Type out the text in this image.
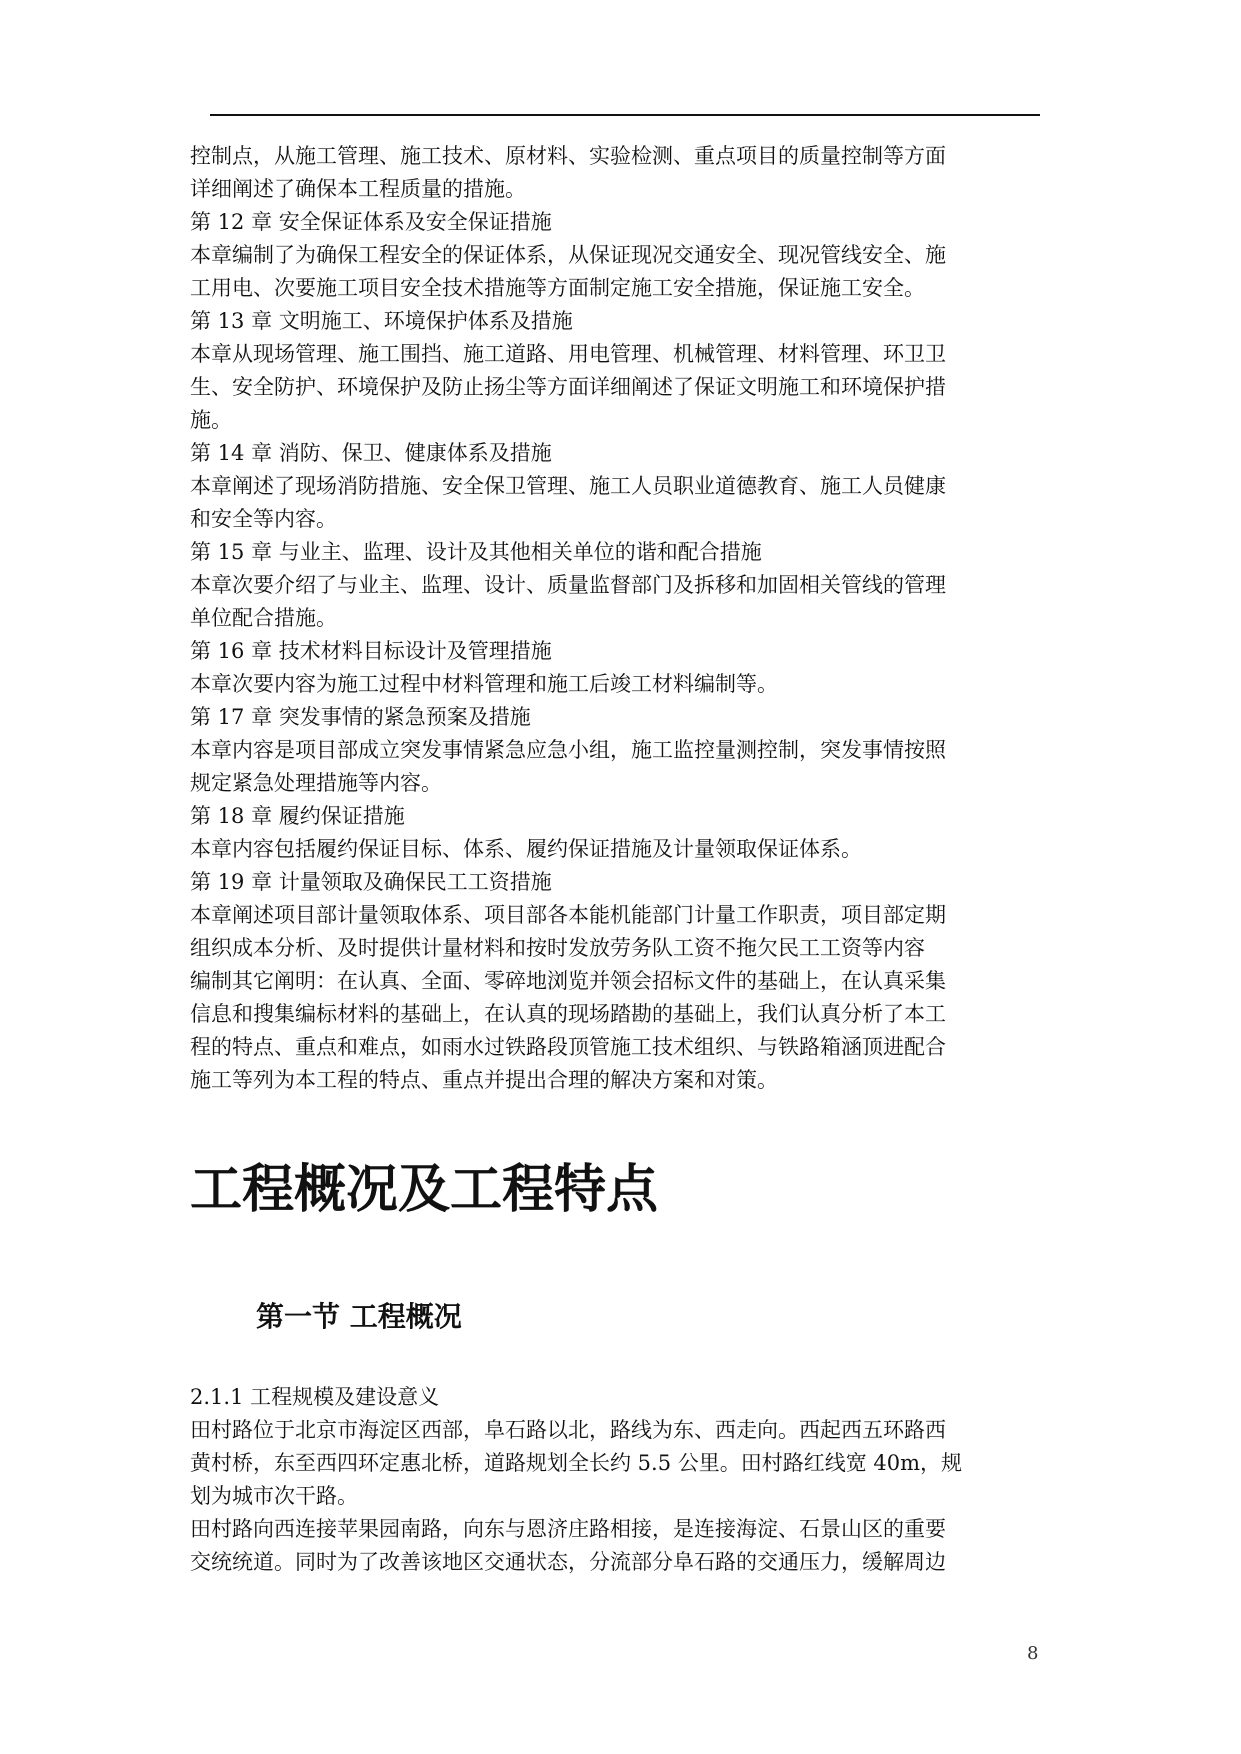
控制点，从施工管理、施工技术、原材料、实验检测、重点项目的质量控制等方面
详细阐述了确保本工程质量的措施。
第 12 章 安全保证体系及安全保证措施
本章编制了为确保工程安全的保证体系，从保证现况交通安全、现况管线安全、施
工用电、次要施工项目安全技术措施等方面制定施工安全措施，保证施工安全。
第 13 章 文明施工、环境保护体系及措施
本章从现场管理、施工围挡、施工道路、用电管理、机械管理、材料管理、环卫卫
生、安全防护、环境保护及防止扬尘等方面详细阐述了保证文明施工和环境保护措
施。
第 14 章 消防、保卫、健康体系及措施
本章阐述了现场消防措施、安全保卫管理、施工人员职业道德教育、施工人员健康
和安全等内容。
第 15 章 与业主、监理、设计及其他相关单位的谐和配合措施
本章次要介绍了与业主、监理、设计、质量监督部门及拆移和加固相关管线的管理
单位配合措施。
第 16 章 技术材料目标设计及管理措施
本章次要内容为施工过程中材料管理和施工后竣工材料编制等。
第 17 章 突发事情的紧急预案及措施
本章内容是项目部成立突发事情紧急应急小组，施工监控量测控制，突发事情按照
规定紧急处理措施等内容。
第 18 章 履约保证措施
本章内容包括履约保证目标、体系、履约保证措施及计量领取保证体系。
第 19 章 计量领取及确保民工工资措施
本章阐述项目部计量领取体系、项目部各本能机能部门计量工作职责，项目部定期
组织成本分析、及时提供计量材料和按时发放劳务队工资不拖欠民工工资等内容
编制其它阐明：在认真、全面、零碎地浏览并领会招标文件的基础上，在认真采集
信息和搜集编标材料的基础上，在认真的现场踏勘的基础上，我们认真分析了本工
程的特点、重点和难点，如雨水过铁路段顶管施工技术组织、与铁路箱涵顶进配合
施工等列为本工程的特点、重点并提出合理的解决方案和对策。
工程概况及工程特点
第一节 工程概况
2.1.1 工程规模及建设意义
田村路位于北京市海淀区西部，阜石路以北，路线为东、西走向。西起西五环路西
黄村桥，东至西四环定惠北桥，道路规划全长约 5.5 公里。田村路红线宽 40m，规
划为城市次干路。
田村路向西连接苹果园南路，向东与恩济庄路相接，是连接海淀、石景山区的重要
交统统道。同时为了改善该地区交通状态，分流部分阜石路的交通压力，缓解周边
8
